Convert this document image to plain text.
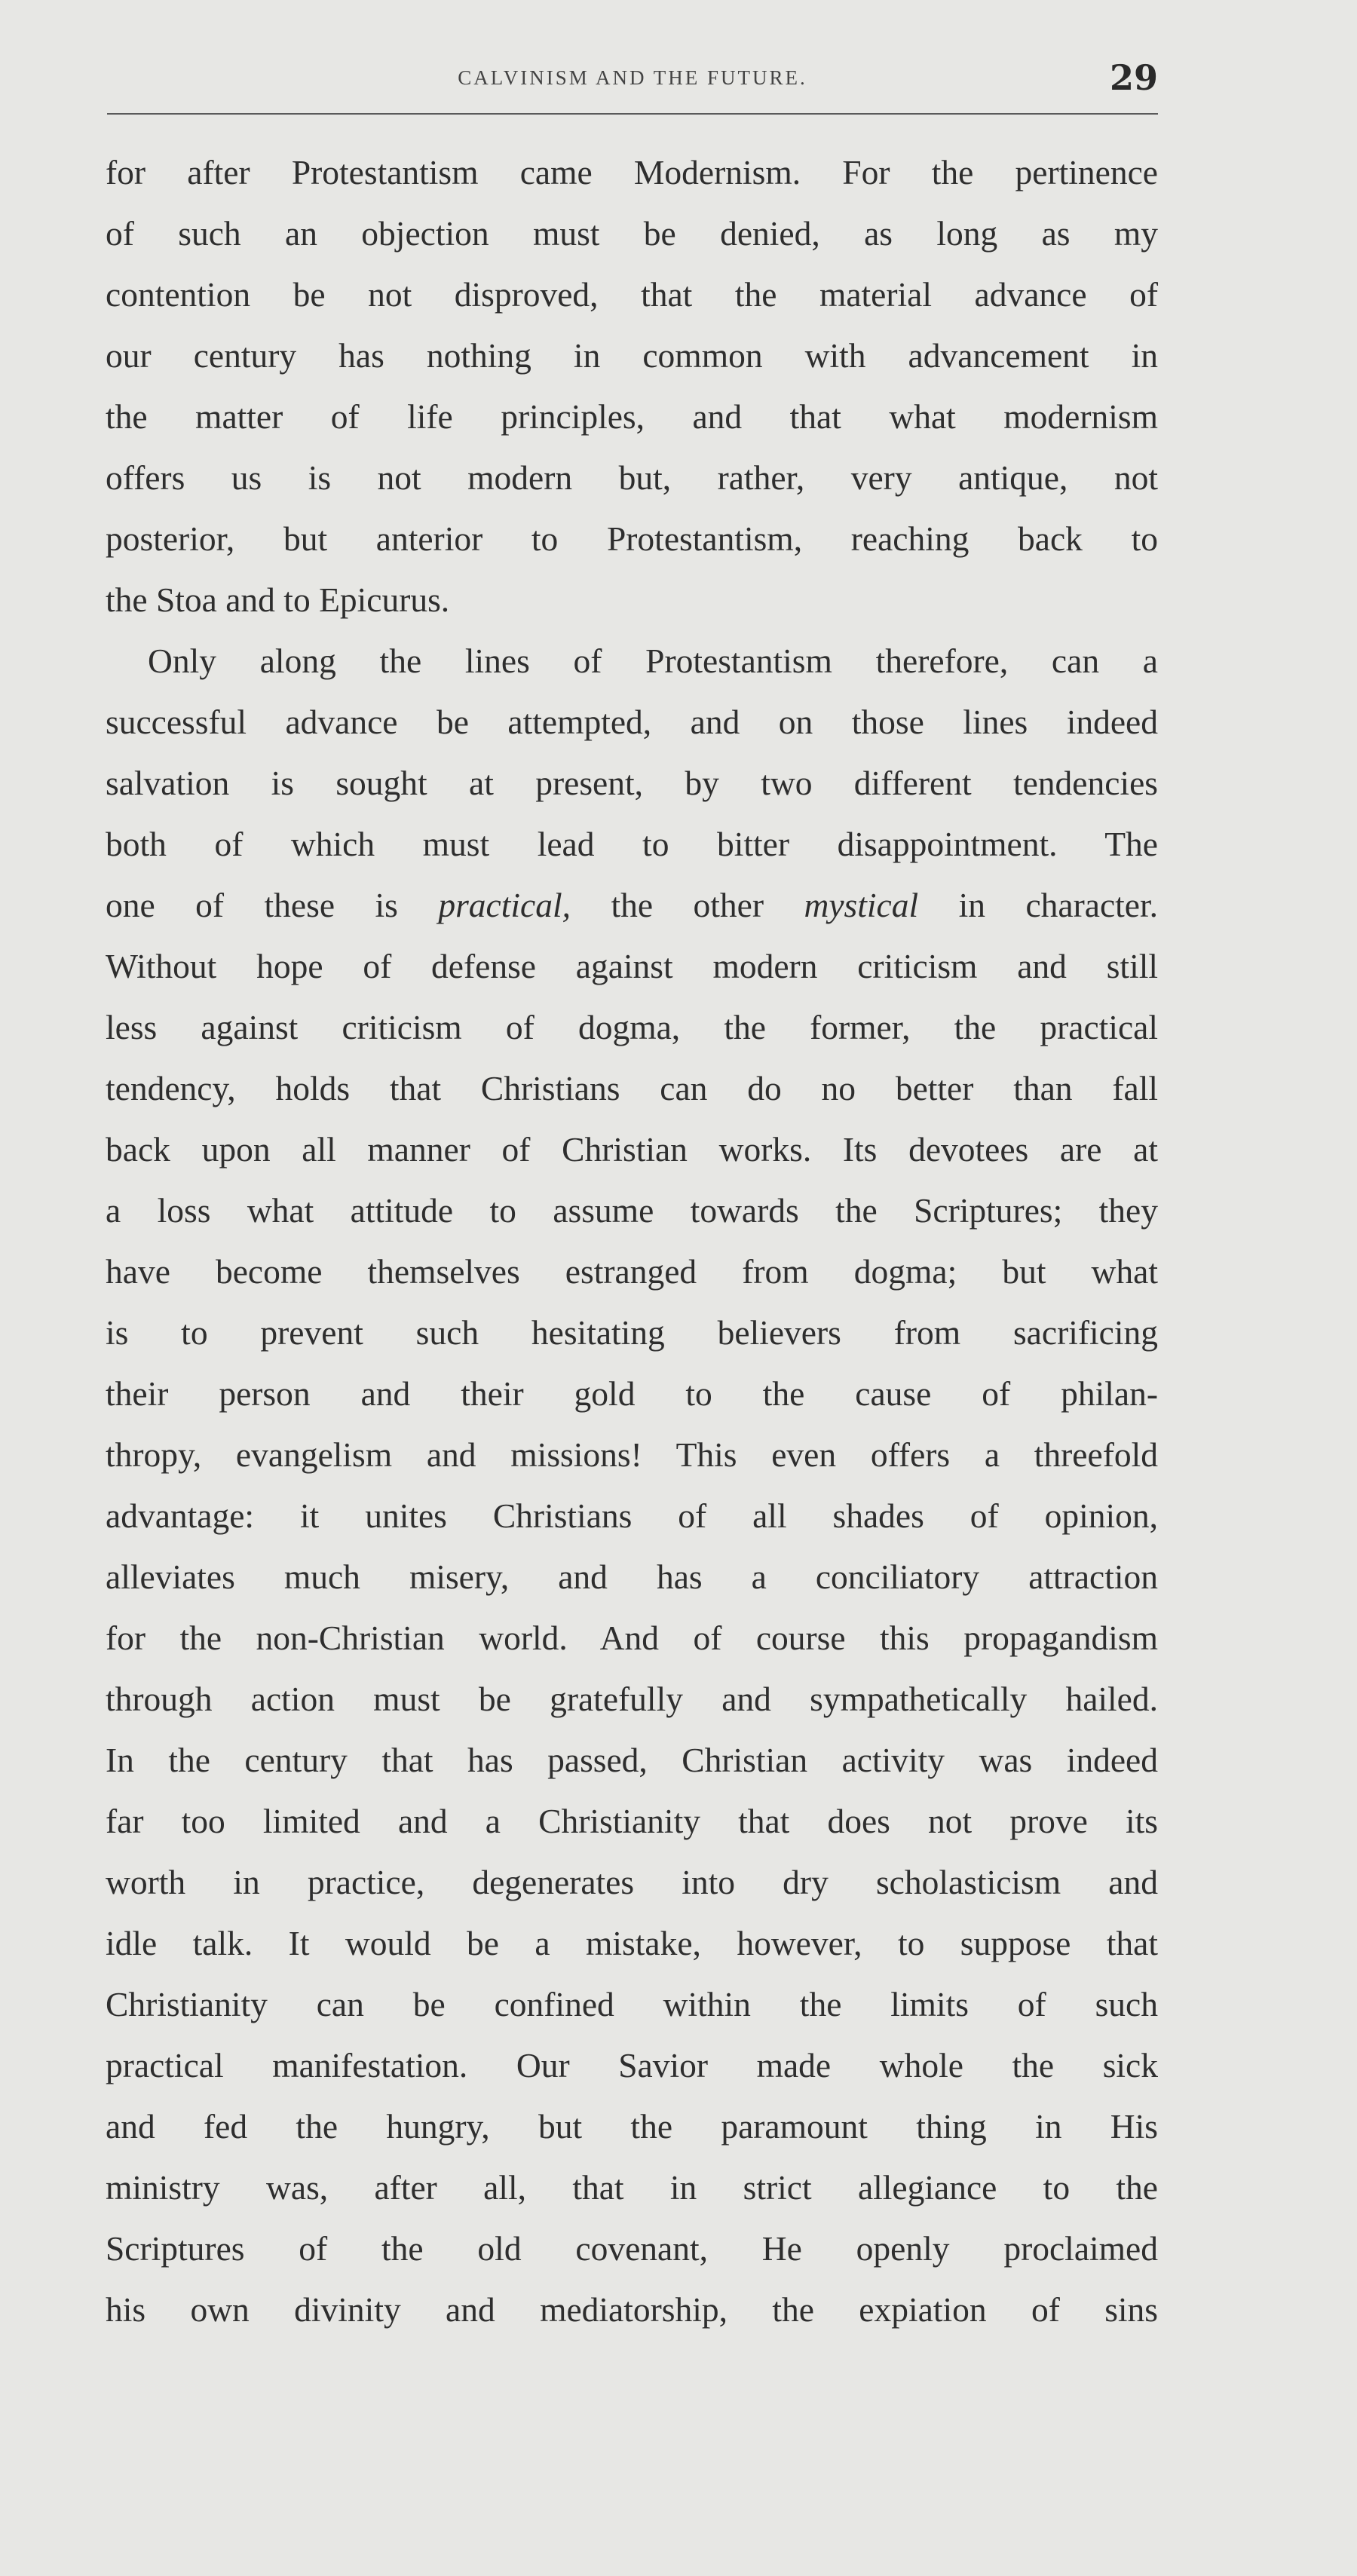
CALVINISM AND THE FUTURE.	29
for after Protestantism came Modernism. For the pertinence
of such an objection must be denied, as long as my
contention be not disproved, that the material advance of
our century has nothing in common with advancement in
the matter of life principles, and that what modernism
offers us is not modern but, rather, very antique, not
posterior, but anterior to Protestantism, reaching back to
the Stoa and to Epicurus.
Only along the lines of Protestantism therefore, can a
successful advance be attempted, and on those lines indeed
salvation is sought at present, by two different tendencies
both of which must lead to bitter disappointment. The
one of these is practical, the other mystical in character.
Without hope of defense against modern criticism and still
less against criticism of dogma, the former, the practical
tendency, holds that Christians can do no better than fall
back upon all manner of Christian works. Its devotees are at
a loss what attitude to assume towards the Scriptures; they
have become themselves estranged from dogma; but what
is to prevent such hesitating believers from sacrificing
their person and their gold to the cause of philan-
thropy, evangelism and missions! This even offers a threefold
advantage: it unites Christians of all shades of opinion,
alleviates much misery, and has a conciliatory attraction
for the non-Christian world. And of course this propagandism
through action must be gratefully and sympathetically hailed.
In the century that has passed, Christian activity was indeed
far too limited and a Christianity that does not prove its
worth in practice, degenerates into dry scholasticism and
idle talk. It would be a mistake, however, to suppose that
Christianity can be confined within the limits of such
practical manifestation. Our Savior made whole the sick
and fed the hungry, but the paramount thing in His
ministry was, after all, that in strict allegiance to the
Scriptures of the old covenant, He openly proclaimed
his own divinity and mediatorship, the expiation of sins
